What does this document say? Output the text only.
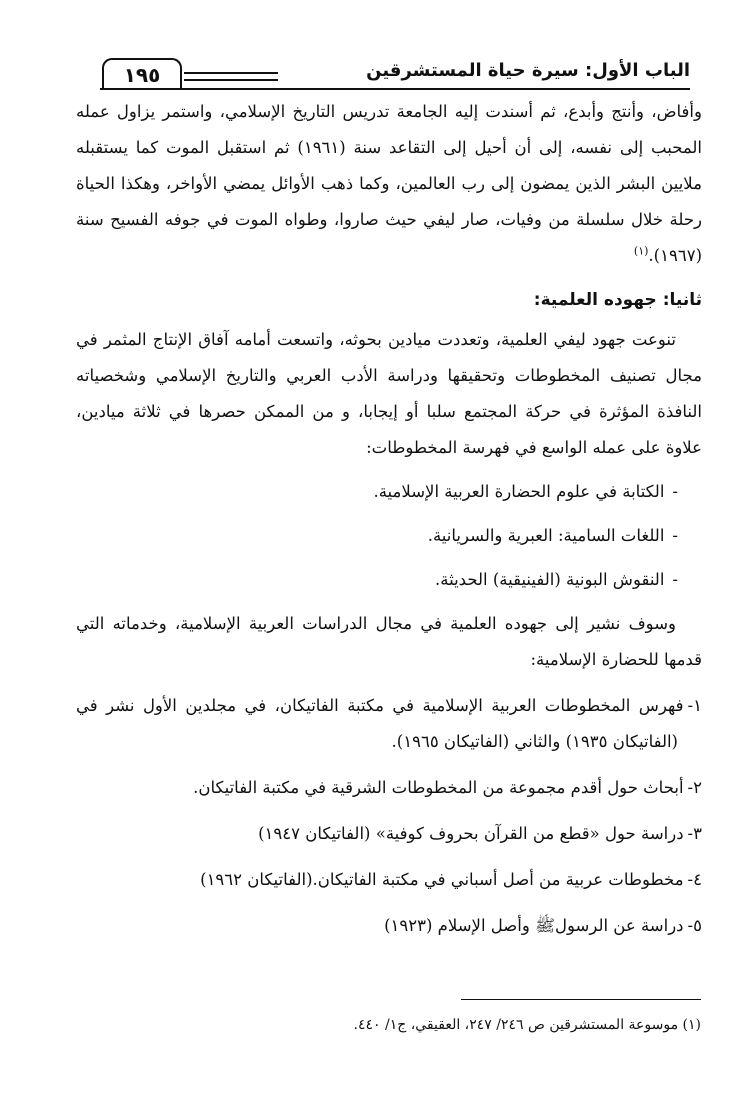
الباب الأول: سيرة حياة المستشرقين
١٩٥

وأفاض، وأنتج وأبدع، ثم أسندت إليه الجامعة تدريس التاريخ الإسلامي، واستمر يزاول عمله المحبب إلى نفسه، إلى أن أحيل إلى التقاعد سنة (١٩٦١) ثم استقبل الموت كما يستقبله ملايين البشر الذين يمضون إلى رب العالمين، وكما ذهب الأوائل يمضي الأواخر، وهكذا الحياة رحلة خلال سلسلة من وفيات، صار ليفي حيث صاروا، وطواه الموت في جوفه الفسيح سنة (١٩٦٧).$^{(١)}$

ثانيا: جهوده العلمية:

تنوعت جهود ليفي العلمية، وتعددت ميادين بحوثه، واتسعت أمامه آفاق الإنتاج المثمر في مجال تصنيف المخطوطات وتحقيقها ودراسة الأدب العربي والتاريخ الإسلامي وشخصياته النافذة المؤثرة في حركة المجتمع سلبا أو إيجابا، و من الممكن حصرها في ثلاثة ميادين، علاوة على عمله الواسع في فهرسة المخطوطات:

-الكتابة في علوم الحضارة العربية الإسلامية.

-اللغات السامية: العبرية والسريانية.

-النقوش البونية (الفينيقية) الحديثة.

وسوف نشير إلى جهوده العلمية في مجال الدراسات العربية الإسلامية، وخدماته التي قدمها للحضارة الإسلامية:

١-فهرس المخطوطات العربية الإسلامية في مكتبة الفاتيكان، في مجلدين الأول نشر في (الفاتيكان ١٩٣٥) والثاني (الفاتيكان ١٩٦٥).

٢-أبحاث حول أقدم مجموعة من المخطوطات الشرقية في مكتبة الفاتيكان.

٣-دراسة حول «قطع من القرآن بحروف كوفية» (الفاتيكان ١٩٤٧)

٤-مخطوطات عربية من أصل أسباني في مكتبة الفاتيكان.(الفاتيكان ١٩٦٢)

٥-دراسة عن الرسولﷺ وأصل الإسلام (١٩٢٣)

(١) موسوعة المستشرقين ص ٢٤٦/ ٢٤٧، العقيقي، ج١/ ٤٤٠.
